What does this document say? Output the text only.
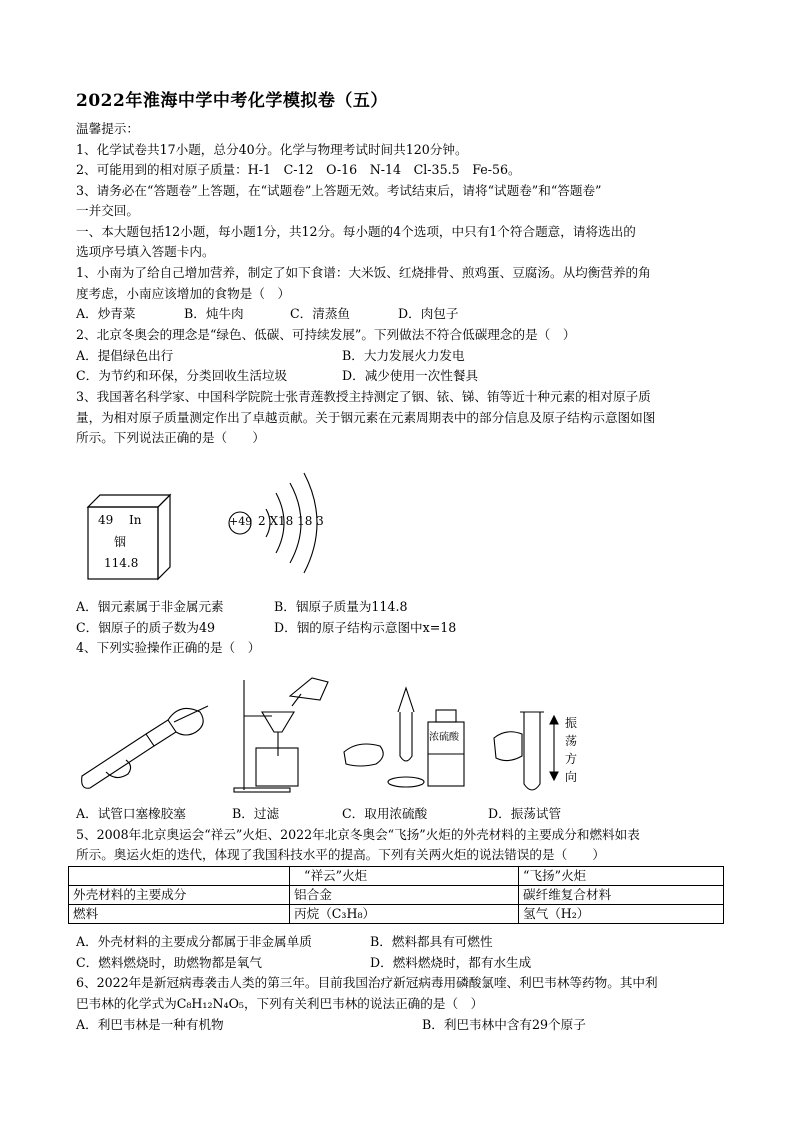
2022年淮海中学中考化学模拟卷（五）
温馨提示：
1、化学试卷共17小题，总分40分。化学与物理考试时间共120分钟。
2、可能用到的相对原子质量：H-1　C-12　O-16　N-14　Cl-35.5　Fe-56。
3、请务必在“答题卷”上答题，在“试题卷”上答题无效。考试结束后，请将“试题卷”和“答题卷”
一并交回。
一、本大题包括12小题，每小题1分，共12分。每小题的4个选项，中只有1个符合题意，请将选出的
选项序号填入答题卡内。
1、小南为了给自己增加营养，制定了如下食谱：大米饭、红烧排骨、煎鸡蛋、豆腐汤。从均衡营养的角
度考虑，小南应该增加的食物是（　）
A．炒青菜	B．炖牛肉	C．清蒸鱼	D．肉包子
2、北京冬奥会的理念是“绿色、低碳、可持续发展”。下列做法不符合低碳理念的是（　）
A．提倡绿色出行	B．大力发展火力发电
C．为节约和环保，分类回收生活垃圾	D．减少使用一次性餐具
3、我国著名科学家、中国科学院院士张青莲教授主持测定了铟、铱、锑、铕等近十种元素的相对原子质
量，为相对原子质量测定作出了卓越贡献。关于铟元素在元素周期表中的部分信息及原子结构示意图如图
所示。下列说法正确的是（　　）
49 In
铟
114.8
+49 2 X18 18 3
A．铟元素属于非金属元素	B．铟原子质量为114.8
C．铟原子的质子数为49	D．铟的原子结构示意图中x=18
4、下列实验操作正确的是（　）
浓硫酸
振
荡
方
向
A．试管口塞橡胶塞	B．过滤	C．取用浓硫酸	D．振荡试管
5、2008年北京奥运会“祥云”火炬、2022年北京冬奥会“飞扬”火炬的外壳材料的主要成分和燃料如表
所示。奥运火炬的迭代，体现了我国科技水平的提高。下列有关两火炬的说法错误的是（　　）
	“祥云”火炬	“飞扬”火炬
外壳材料的主要成分	铝合金	碳纤维复合材料
燃料	丙烷（C₃H₈）	氢气（H₂）
A．外壳材料的主要成分都属于非金属单质	B．燃料都具有可燃性
C．燃料燃烧时，助燃物都是氧气	D．燃料燃烧时，都有水生成
6、2022年是新冠病毒袭击人类的第三年。目前我国治疗新冠病毒用磷酸氯喹、利巴韦林等药物。其中利
巴韦林的化学式为C₈H₁₂N₄O₅，下列有关利巴韦林的说法正确的是（　）
A．利巴韦林是一种有机物	B．利巴韦林中含有29个原子
